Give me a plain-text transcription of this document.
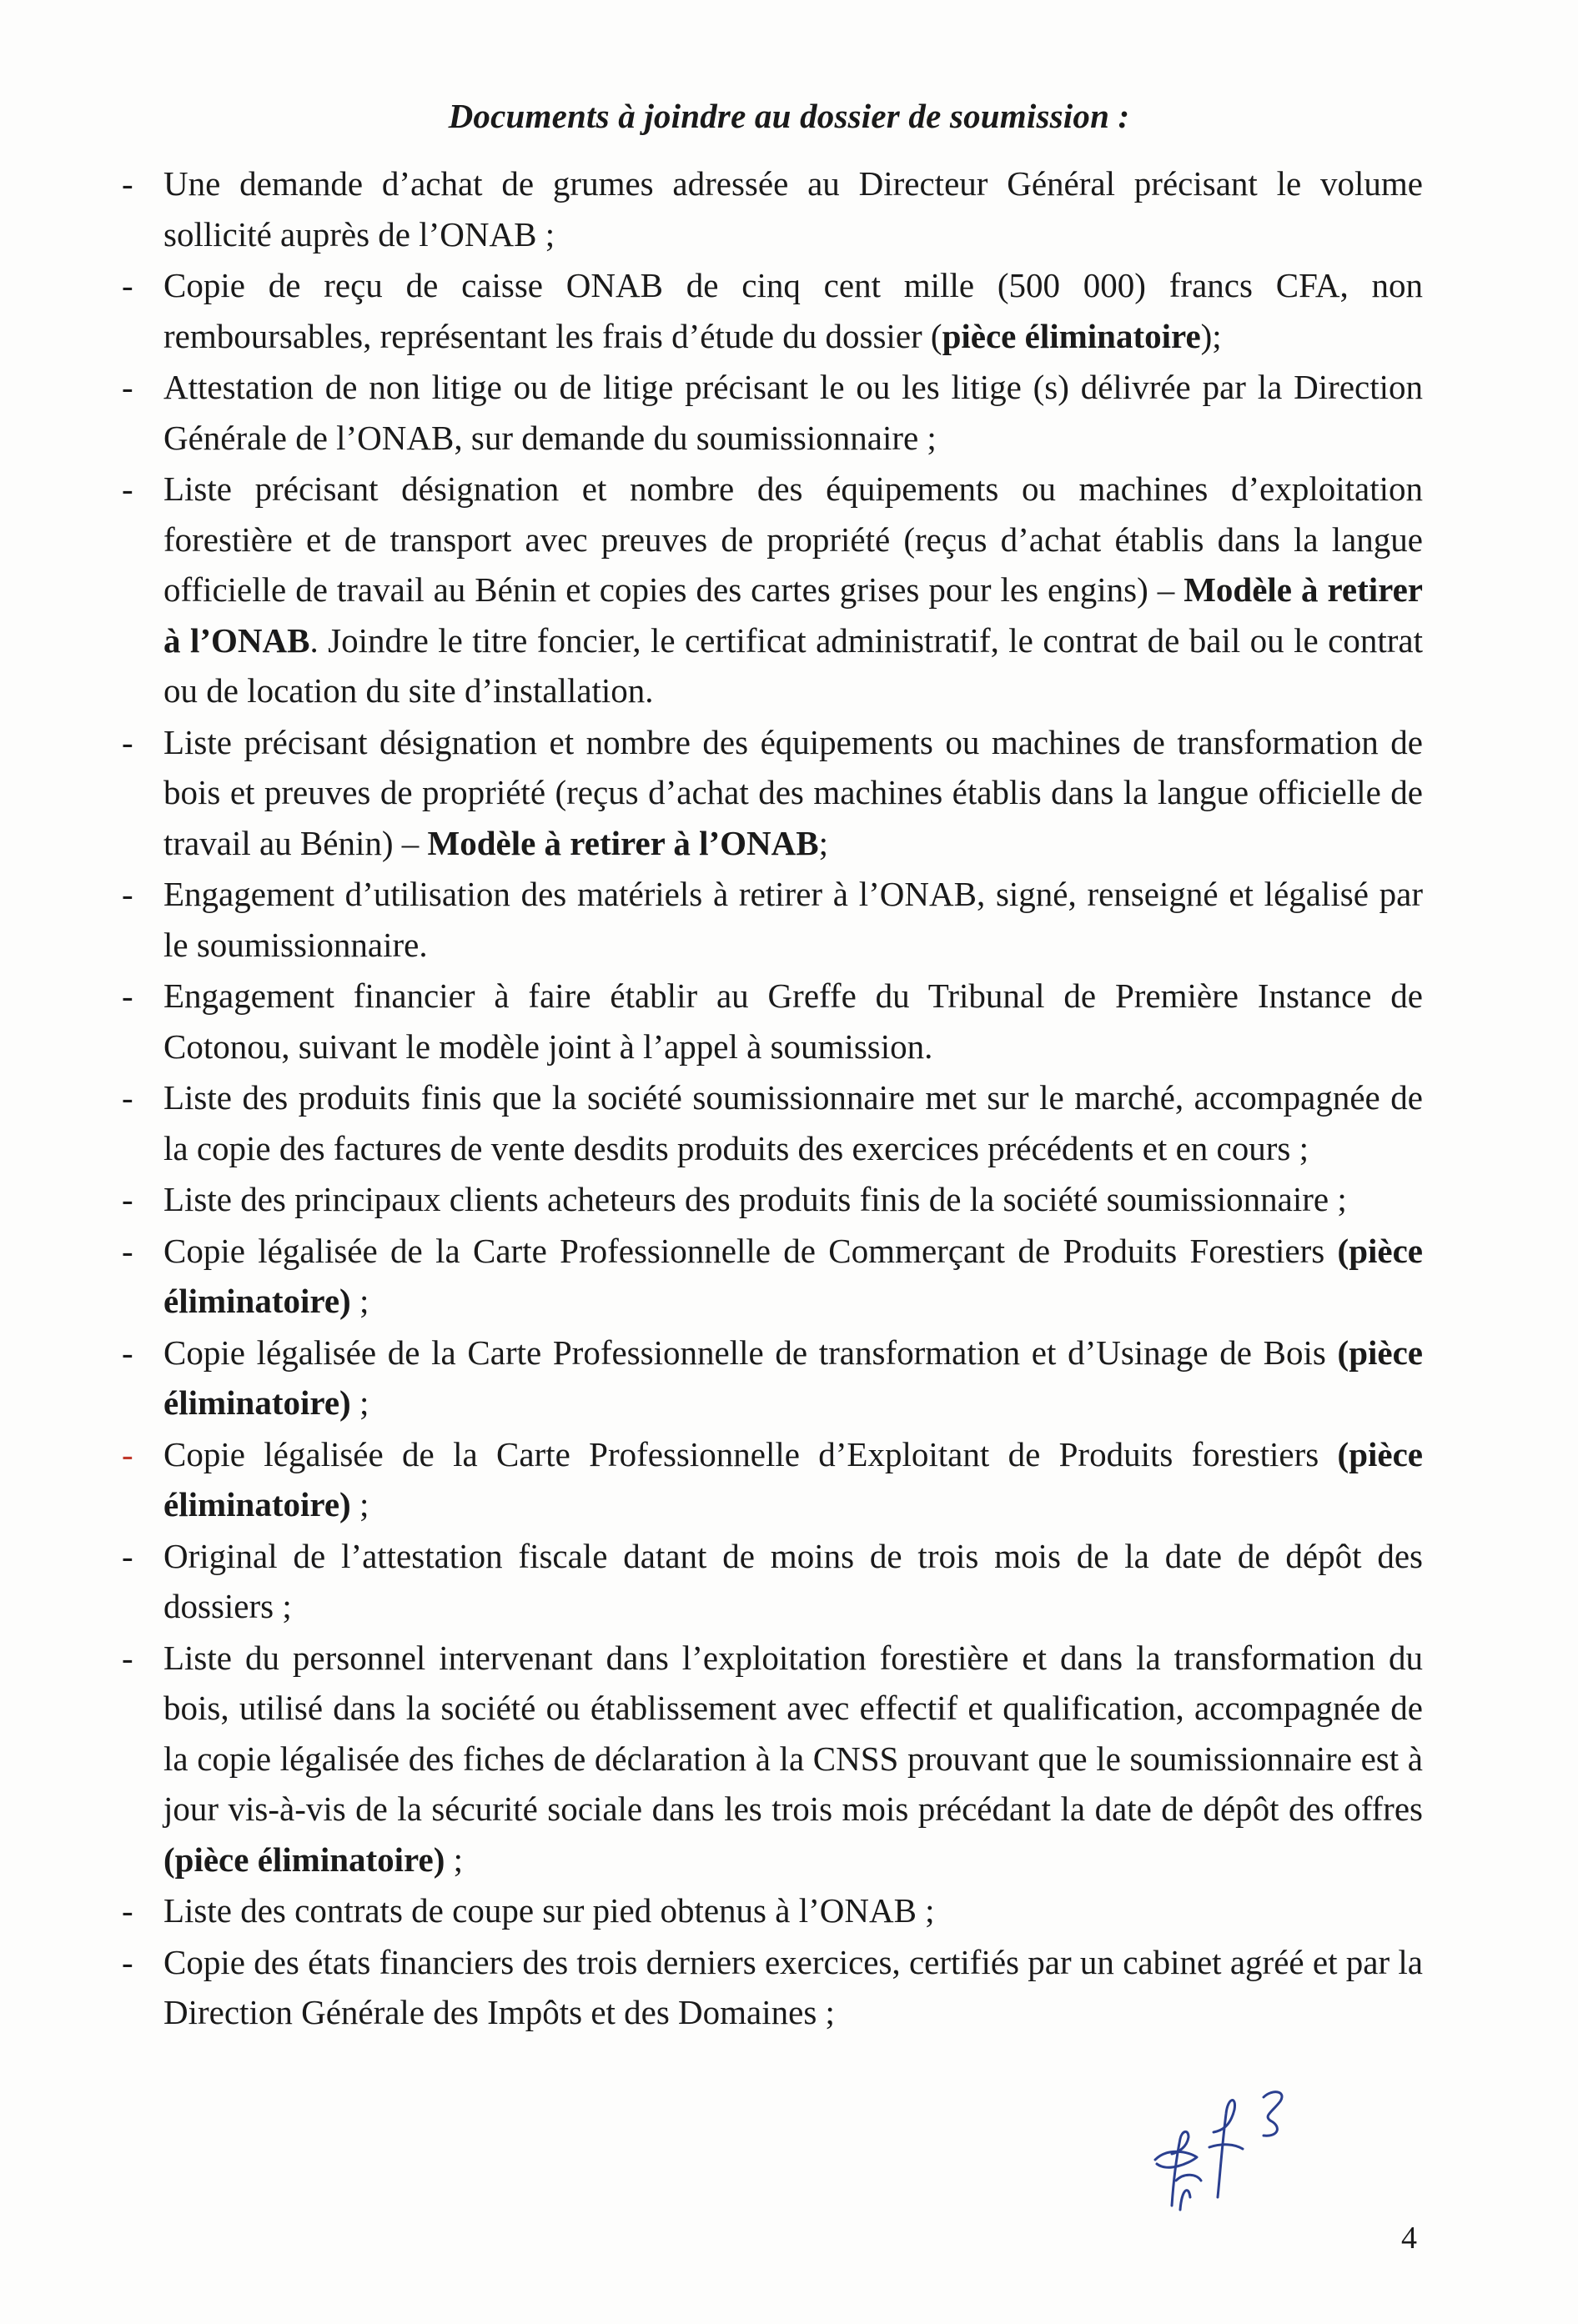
Documents à joindre au dossier de soumission :
- Une demande d’achat de grumes adressée au Directeur Général précisant le volume sollicité auprès de l’ONAB ;
- Copie de reçu de caisse ONAB de cinq cent mille (500 000) francs CFA, non remboursables, représentant les frais d’étude du dossier (pièce éliminatoire);
- Attestation de non litige ou de litige précisant le ou les litige (s) délivrée par la Direction Générale de l’ONAB, sur demande du soumissionnaire ;
- Liste précisant désignation et nombre des équipements ou machines d’exploitation forestière et de transport avec preuves de propriété (reçus d’achat établis dans la langue officielle de travail au Bénin et copies des cartes grises pour les engins) – Modèle à retirer à l’ONAB. Joindre le titre foncier, le certificat administratif, le contrat de bail ou le contrat ou de location du site d’installation.
- Liste précisant désignation et nombre des équipements ou machines de transformation de bois et preuves de propriété (reçus d’achat des machines établis dans la langue officielle de travail au Bénin) – Modèle à retirer à l’ONAB;
- Engagement d’utilisation des matériels à retirer à l’ONAB, signé, renseigné et légalisé par le soumissionnaire.
- Engagement financier à faire établir au Greffe du Tribunal de Première Instance de Cotonou, suivant le modèle joint à l’appel à soumission.
- Liste des produits finis que la société soumissionnaire met sur le marché, accompagnée de la copie des factures de vente desdits produits des exercices précédents et en cours ;
- Liste des principaux clients acheteurs des produits finis de la société soumissionnaire ;
- Copie légalisée de la Carte Professionnelle de Commerçant de Produits Forestiers (pièce éliminatoire) ;
- Copie légalisée de la Carte Professionnelle de transformation et d’Usinage de Bois (pièce éliminatoire) ;
- Copie légalisée de la Carte Professionnelle d’Exploitant de Produits forestiers (pièce éliminatoire) ;
- Original de l’attestation fiscale datant de moins de trois mois de la date de dépôt des dossiers ;
- Liste du personnel intervenant dans l’exploitation forestière et dans la transformation du bois, utilisé dans la société ou établissement avec effectif et qualification, accompagnée de la copie légalisée des fiches de déclaration à la CNSS prouvant que le soumissionnaire est à jour vis-à-vis de la sécurité sociale dans les trois mois précédant la date de dépôt des offres (pièce éliminatoire) ;
- Liste des contrats de coupe sur pied obtenus à l’ONAB ;
- Copie des états financiers des trois derniers exercices, certifiés par un cabinet agréé et par la Direction Générale des Impôts et des Domaines ;
4
